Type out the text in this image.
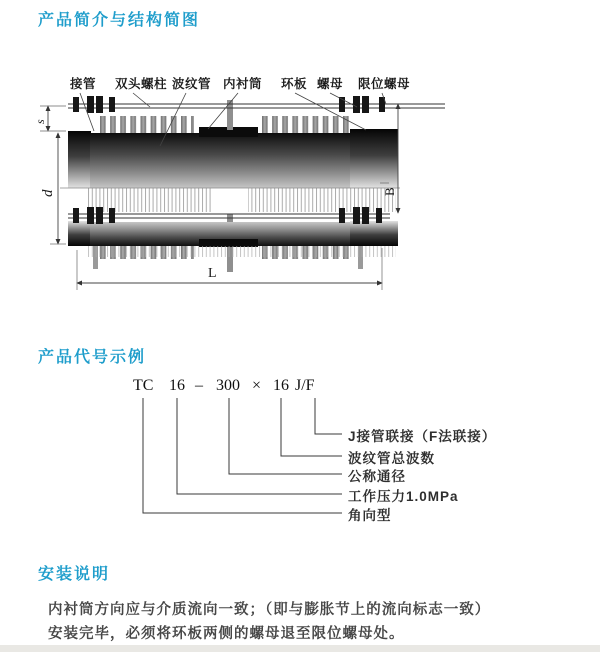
产品简介与结构简图
s
d	B
L
接管 双头螺柱 波纹管 内衬筒 环板 螺母 限位螺母
产品代号示例
TC 16 – 300 × 16 J/F

J接管联接（F法联接）

波纹管总波数

公称通径

工作压力1.0MPa

角向型

安装说明

内衬筒方向应与介质流向一致；（即与膨胀节上的流向标志一致）

安装完毕，必须将环板两侧的螺母退至限位螺母处。
